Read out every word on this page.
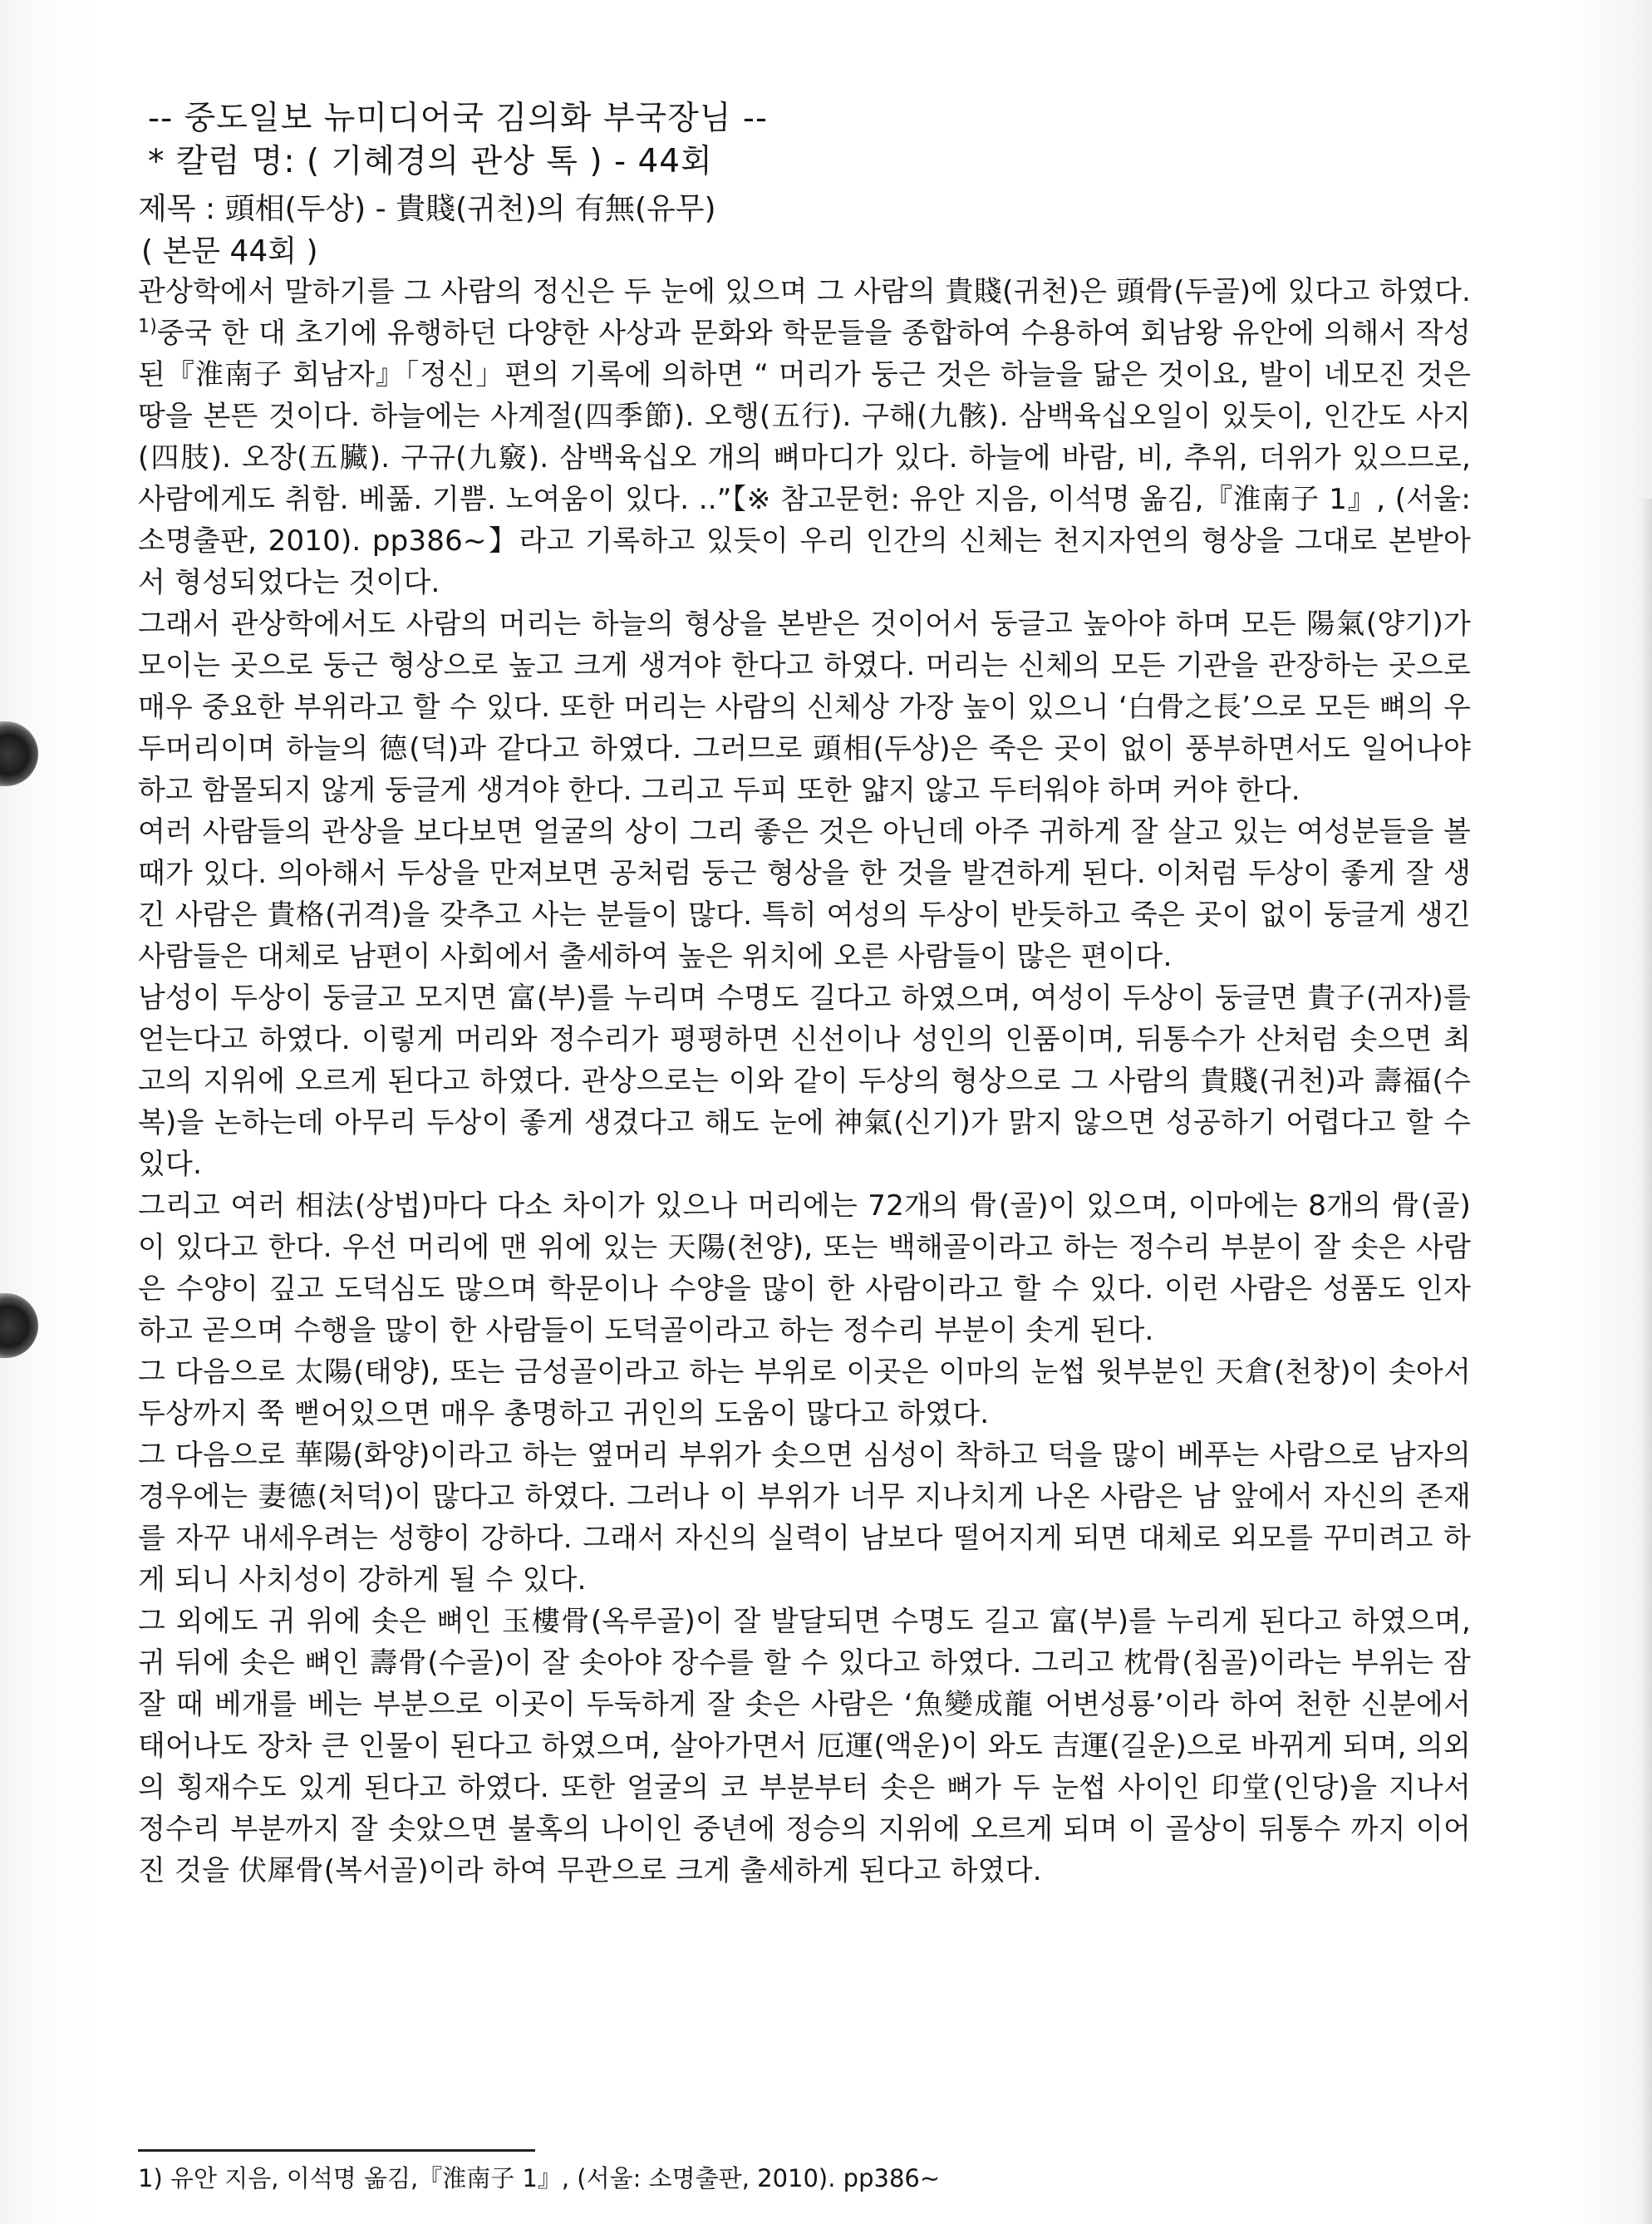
-- 중도일보 뉴미디어국 김의화 부국장님 --
* 칼럼 명: ( 기혜경의 관상 톡 ) - 44회
제목 : 頭相(두상) - 貴賤(귀천)의 有無(유무)
( 본문 44회 )
관상학에서 말하기를 그 사람의 정신은 두 눈에 있으며 그 사람의 貴賤(귀천)은 頭骨(두골)에 있다고 하였다. $^{1)}$중국 한 대 초기에 유행하던 다양한 사상과 문화와 학문들을 종합하여 수용하여 회남왕 유안에 의해서 작성된『淮南子 회남자』「정신」편의 기록에 의하면 “ 머리가 둥근 것은 하늘을 닮은 것이요, 발이 네모진 것은 땅을 본뜬 것이다. 하늘에는 사계절(四季節). 오행(五行). 구해(九骸). 삼백육십오일이 있듯이, 인간도 사지(四肢). 오장(五臟). 구규(九竅). 삼백육십오 개의 뼈마디가 있다. 하늘에 바람, 비, 추위, 더위가 있으므로, 사람에게도 취함. 베풂. 기쁨. 노여움이 있다. ..”【※ 참고문헌: 유안 지음, 이석명 옮김,『淮南子 1』, (서울: 소명출판, 2010). pp386~】라고 기록하고 있듯이 우리 인간의 신체는 천지자연의 형상을 그대로 본받아서 형성되었다는 것이다.
그래서 관상학에서도 사람의 머리는 하늘의 형상을 본받은 것이어서 둥글고 높아야 하며 모든 陽氣(양기)가 모이는 곳으로 둥근 형상으로 높고 크게 생겨야 한다고 하였다. 머리는 신체의 모든 기관을 관장하는 곳으로 매우 중요한 부위라고 할 수 있다. 또한 머리는 사람의 신체상 가장 높이 있으니 ‘白骨之長’으로 모든 뼈의 우두머리이며 하늘의 德(덕)과 같다고 하였다. 그러므로 頭相(두상)은 죽은 곳이 없이 풍부하면서도 일어나야 하고 함몰되지 않게 둥글게 생겨야 한다. 그리고 두피 또한 얇지 않고 두터워야 하며 커야 한다.
여러 사람들의 관상을 보다보면 얼굴의 상이 그리 좋은 것은 아닌데 아주 귀하게 잘 살고 있는 여성분들을 볼 때가 있다. 의아해서 두상을 만져보면 공처럼 둥근 형상을 한 것을 발견하게 된다. 이처럼 두상이 좋게 잘 생긴 사람은 貴格(귀격)을 갖추고 사는 분들이 많다. 특히 여성의 두상이 반듯하고 죽은 곳이 없이 둥글게 생긴 사람들은 대체로 남편이 사회에서 출세하여 높은 위치에 오른 사람들이 많은 편이다.
남성이 두상이 둥글고 모지면 富(부)를 누리며 수명도 길다고 하였으며, 여성이 두상이 둥글면 貴子(귀자)를 얻는다고 하였다. 이렇게 머리와 정수리가 평평하면 신선이나 성인의 인품이며, 뒤통수가 산처럼 솟으면 최고의 지위에 오르게 된다고 하였다. 관상으로는 이와 같이 두상의 형상으로 그 사람의 貴賤(귀천)과 壽福(수복)을 논하는데 아무리 두상이 좋게 생겼다고 해도 눈에 神氣(신기)가 맑지 않으면 성공하기 어렵다고 할 수 있다.
그리고 여러 相法(상법)마다 다소 차이가 있으나 머리에는 72개의 骨(골)이 있으며, 이마에는 8개의 骨(골)이 있다고 한다. 우선 머리에 맨 위에 있는 天陽(천양), 또는 백해골이라고 하는 정수리 부분이 잘 솟은 사람은 수양이 깊고 도덕심도 많으며 학문이나 수양을 많이 한 사람이라고 할 수 있다. 이런 사람은 성품도 인자하고 곧으며 수행을 많이 한 사람들이 도덕골이라고 하는 정수리 부분이 솟게 된다.
그 다음으로 太陽(태양), 또는 금성골이라고 하는 부위로 이곳은 이마의 눈썹 윗부분인 天倉(천창)이 솟아서 두상까지 쭉 뻗어있으면 매우 총명하고 귀인의 도움이 많다고 하였다.
그 다음으로 華陽(화양)이라고 하는 옆머리 부위가 솟으면 심성이 착하고 덕을 많이 베푸는 사람으로 남자의 경우에는 妻德(처덕)이 많다고 하였다. 그러나 이 부위가 너무 지나치게 나온 사람은 남 앞에서 자신의 존재를 자꾸 내세우려는 성향이 강하다. 그래서 자신의 실력이 남보다 떨어지게 되면 대체로 외모를 꾸미려고 하게 되니 사치성이 강하게 될 수 있다.
그 외에도 귀 위에 솟은 뼈인 玉樓骨(옥루골)이 잘 발달되면 수명도 길고 富(부)를 누리게 된다고 하였으며, 귀 뒤에 솟은 뼈인 壽骨(수골)이 잘 솟아야 장수를 할 수 있다고 하였다. 그리고 枕骨(침골)이라는 부위는 잠 잘 때 베개를 베는 부분으로 이곳이 두둑하게 잘 솟은 사람은 ‘魚變成龍 어변성룡’이라 하여 천한 신분에서 태어나도 장차 큰 인물이 된다고 하였으며, 살아가면서 厄運(액운)이 와도 吉運(길운)으로 바뀌게 되며, 의외의 횡재수도 있게 된다고 하였다. 또한 얼굴의 코 부분부터 솟은 뼈가 두 눈썹 사이인 印堂(인당)을 지나서 정수리 부분까지 잘 솟았으면 불혹의 나이인 중년에 정승의 지위에 오르게 되며 이 골상이 뒤통수 까지 이어진 것을 伏犀骨(복서골)이라 하여 무관으로 크게 출세하게 된다고 하였다.
1) 유안 지음, 이석명 옮김,『淮南子 1』, (서울: 소명출판, 2010). pp386~
